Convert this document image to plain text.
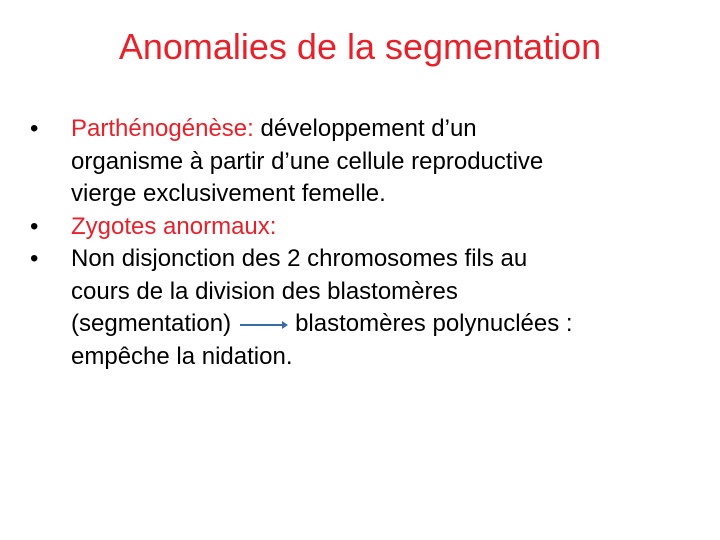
Anomalies de la segmentation
•	Parthénogénèse: développement d’un
organisme à partir d’une cellule reproductive
vierge exclusivement femelle.
•	Zygotes anormaux:
•	Non disjonction des 2 chromosomes fils au
cours de la division des blastomères
(segmentation)	blastomères polynuclées :
empêche la nidation.
